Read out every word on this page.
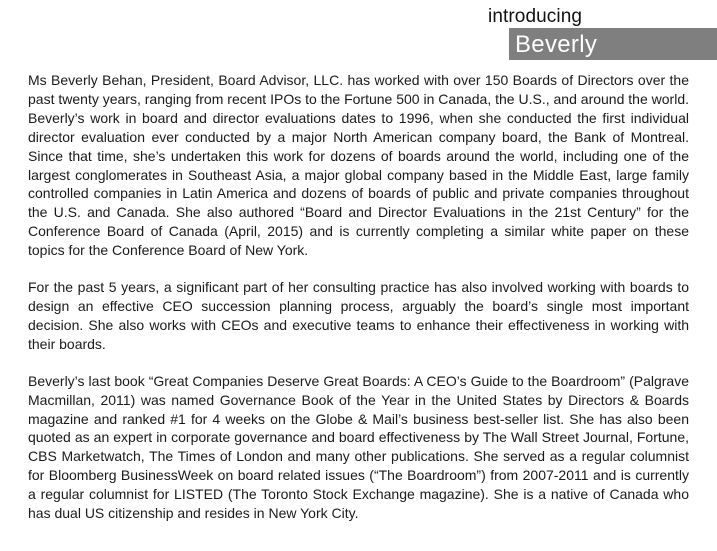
introducing
Beverly

Ms Beverly Behan, President, Board Advisor, LLC. has worked with over 150 Boards of Directors over the past twenty years, ranging from recent IPOs to the Fortune 500 in Canada, the U.S., and around the world. Beverly’s work in board and director evaluations dates to 1996, when she conducted the first individual director evaluation ever conducted by a major North American company board, the Bank of Montreal. Since that time, she’s undertaken this work for dozens of boards around the world, including one of the largest conglomerates in Southeast Asia, a major global company based in the Middle East, large family controlled companies in Latin America and dozens of boards of public and private companies throughout the U.S. and Canada. She also authored “Board and Director Evaluations in the 21st Century” for the Conference Board of Canada (April, 2015) and is currently completing a similar white paper on these topics for the Conference Board of New York.

For the past 5 years, a significant part of her consulting practice has also involved working with boards to design an effective CEO succession planning process, arguably the board’s single most important decision. She also works with CEOs and executive teams to enhance their effectiveness in working with their boards.

Beverly’s last book “Great Companies Deserve Great Boards: A CEO’s Guide to the Boardroom” (Palgrave Macmillan, 2011) was named Governance Book of the Year in the United States by Directors & Boards magazine and ranked #1 for 4 weeks on the Globe & Mail’s business best-seller list. She has also been quoted as an expert in corporate governance and board effectiveness by The Wall Street Journal, Fortune, CBS Marketwatch, The Times of London and many other publications. She served as a regular columnist for Bloomberg BusinessWeek on board related issues (“The Boardroom”) from 2007-2011 and is currently a regular columnist for LISTED (The Toronto Stock Exchange magazine). She is a native of Canada who has dual US citizenship and resides in New York City.
